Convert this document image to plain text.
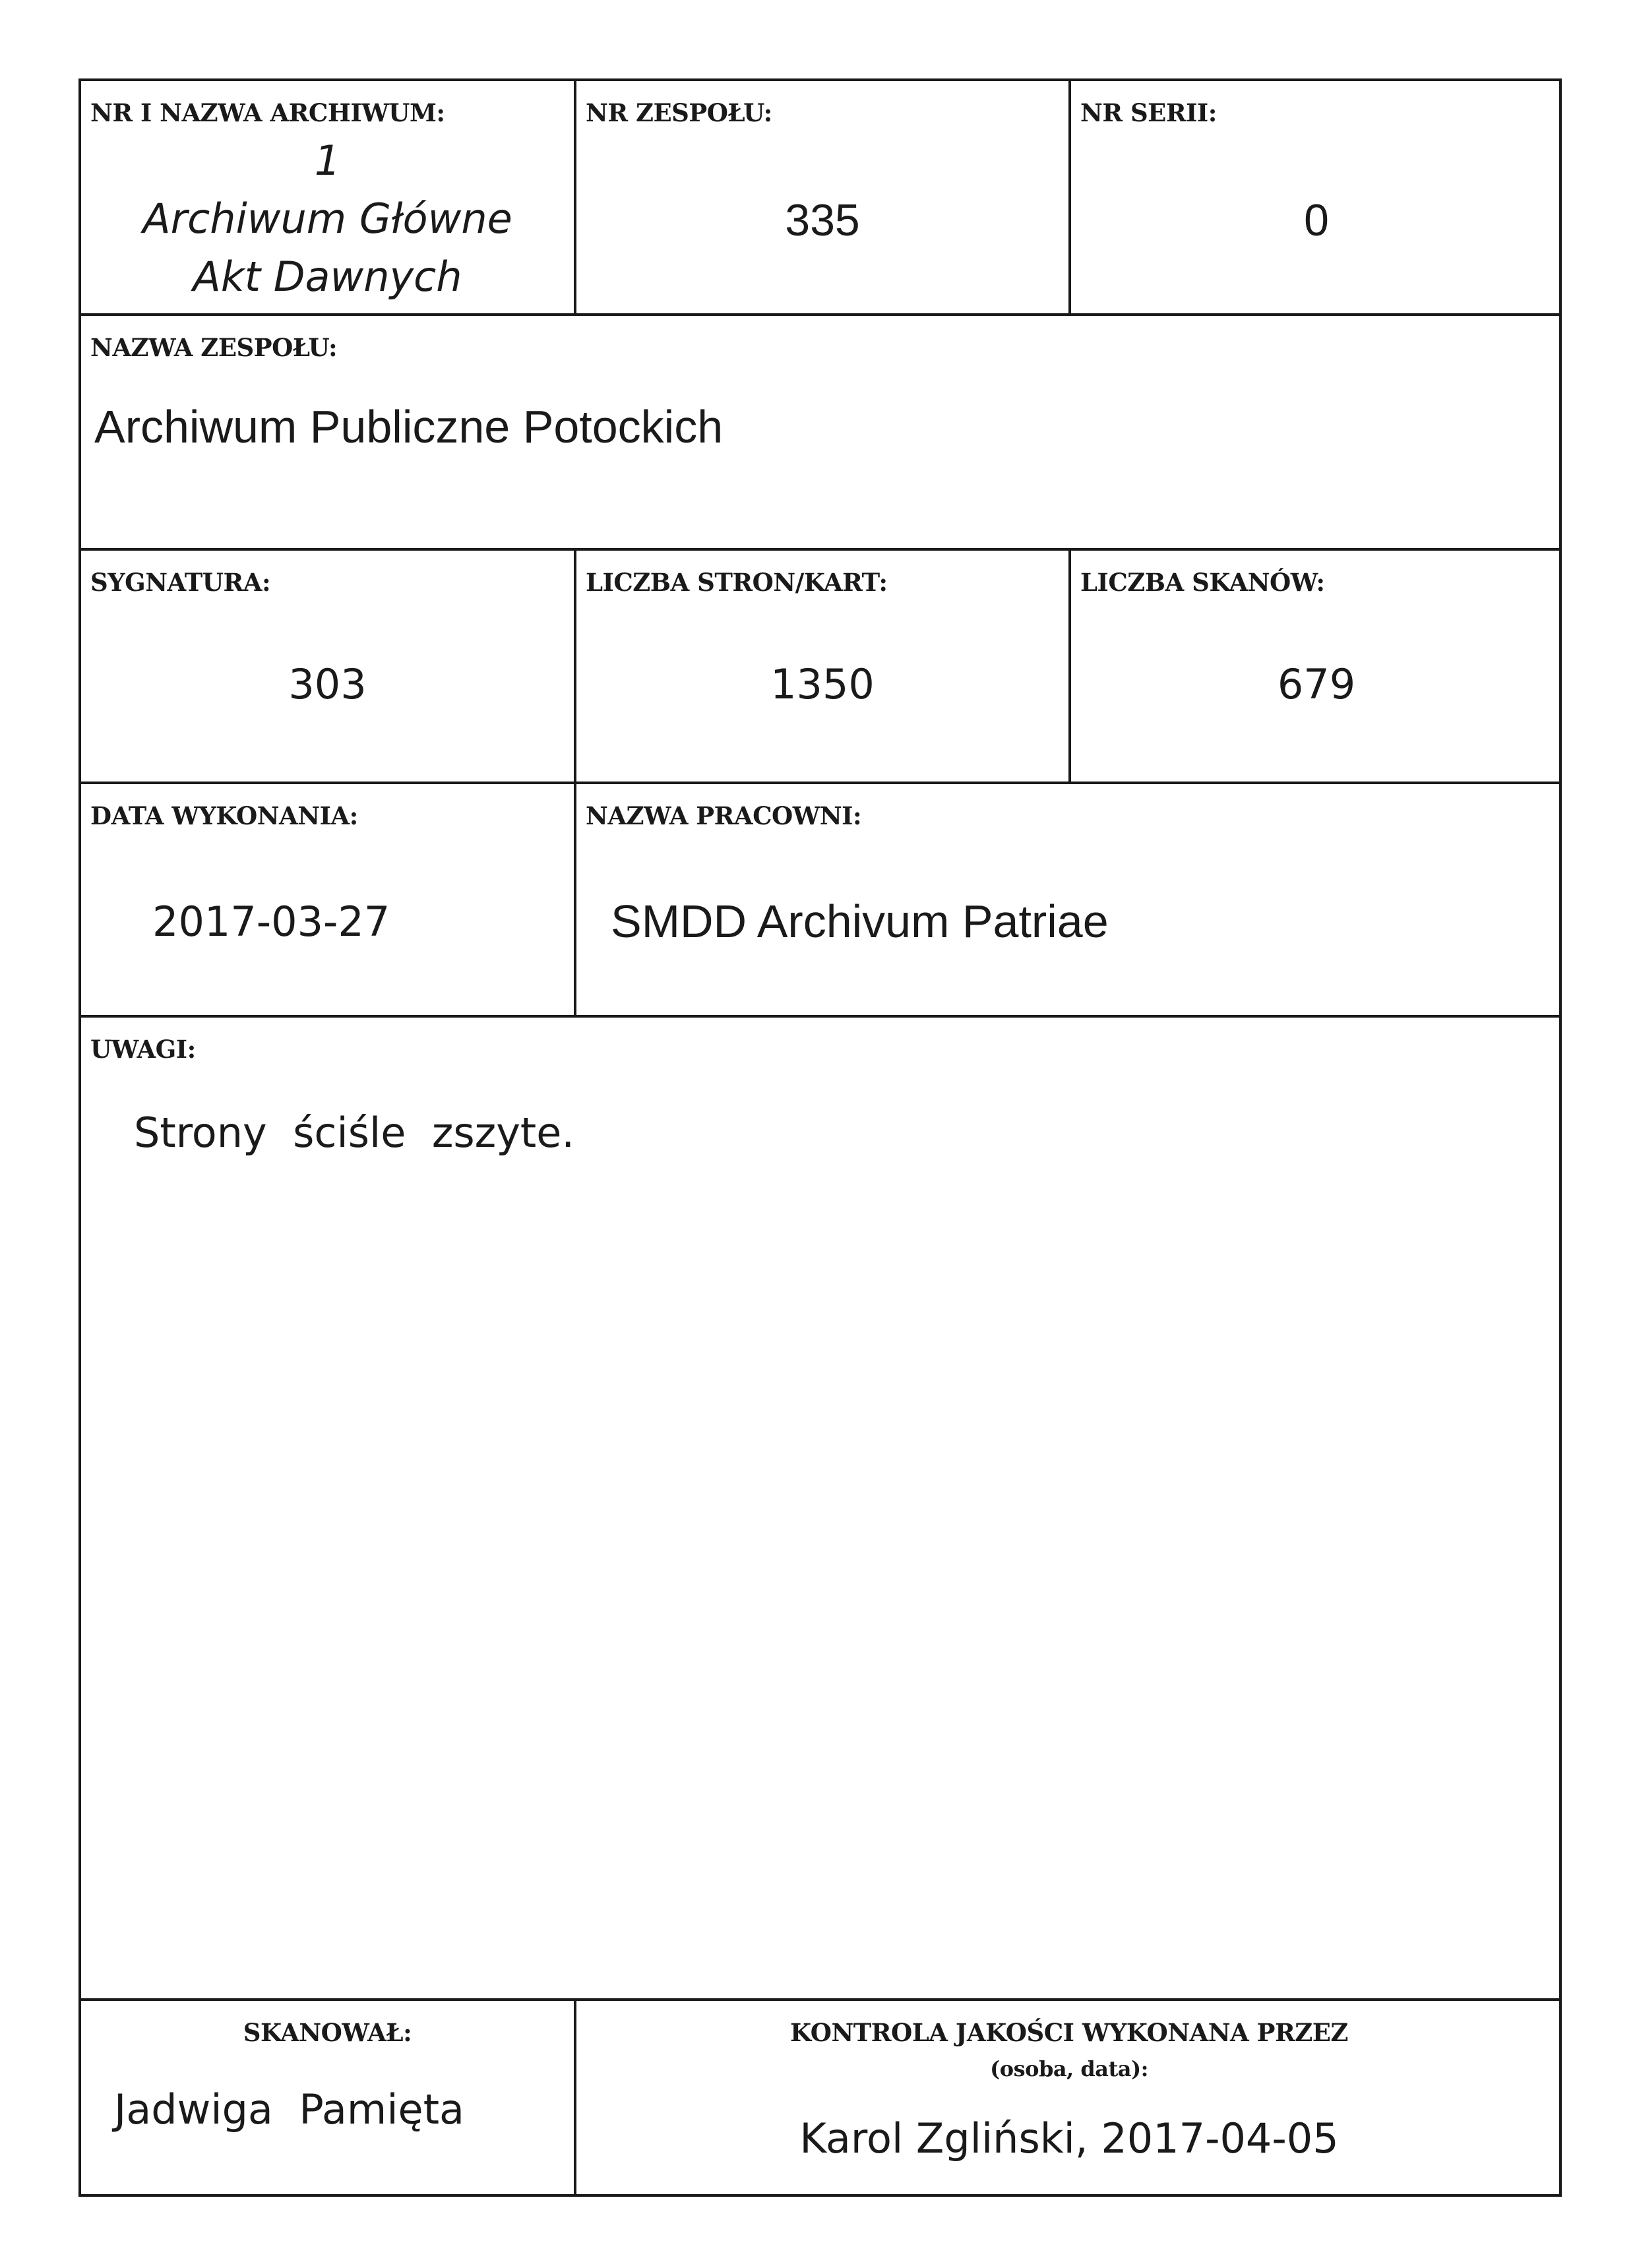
NR I NAZWA ARCHIWUM:
1
Archiwum Główne
Akt Dawnych
NR ZESPOŁU:
335
NR SERII:
0
NAZWA ZESPOŁU:
Archiwum Publiczne Potockich
SYGNATURA:
303
LICZBA STRON/KART:
1350
LICZBA SKANÓW:
679
DATA WYKONANIA:
2017-03-27
NAZWA PRACOWNI:
SMDD Archivum Patriae
UWAGI:
Strony  ściśle  zszyte.
SKANOWAŁ:
Jadwiga  Pamięta
KONTROLA JAKOŚCI WYKONANA PRZEZ
(osoba, data):
Karol Zgliński, 2017-04-05
